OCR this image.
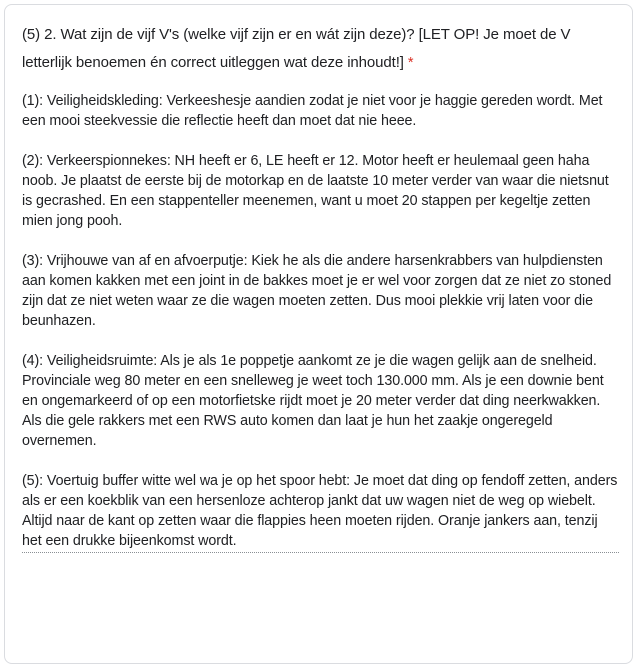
(5) 2. Wat zijn de vijf V's (welke vijf zijn er en wát zijn deze)? [LET OP! Je moet de V letterlijk benoemen én correct uitleggen wat deze inhoudt!] *

(1): Veiligheidskleding: Verkeeshesje aandien zodat je niet voor je haggie gereden wordt. Met een mooi steekvessie die reflectie heeft dan moet dat nie heee.

(2): Verkeerspionnekes: NH heeft er 6, LE heeft er 12. Motor heeft er heulemaal geen haha noob. Je plaatst de eerste bij de motorkap en de laatste 10 meter verder van waar die nietsnut is gecrashed. En een stappenteller meenemen, want u moet 20 stappen per kegeltje zetten mien jong pooh.

(3): Vrijhouwe van af en afvoerputje: Kiek he als die andere harsenkrabbers van hulpdiensten aan komen kakken met een joint in de bakkes moet je er wel voor zorgen dat ze niet zo stoned zijn dat ze niet weten waar ze die wagen moeten zetten. Dus mooi plekkie vrij laten voor die beunhazen.

(4): Veiligheidsruimte: Als je als 1e poppetje aankomt ze je die wagen gelijk aan de snelheid. Provinciale weg 80 meter en een snelleweg je weet toch 130.000 mm. Als je een downie bent en ongemarkeerd of op een motorfietske rijdt moet je 20 meter verder dat ding neerkwakken. Als die gele rakkers met een RWS auto komen dan laat je hun het zaakje ongeregeld overnemen.

(5): Voertuig buffer witte wel wa je op het spoor hebt: Je moet dat ding op fendoff zetten, anders als er een koekblik van een hersenloze achterop jankt dat uw wagen niet de weg op wiebelt. Altijd naar de kant op zetten waar die flappies heen moeten rijden. Oranje jankers aan, tenzij het een drukke bijeenkomst wordt.
